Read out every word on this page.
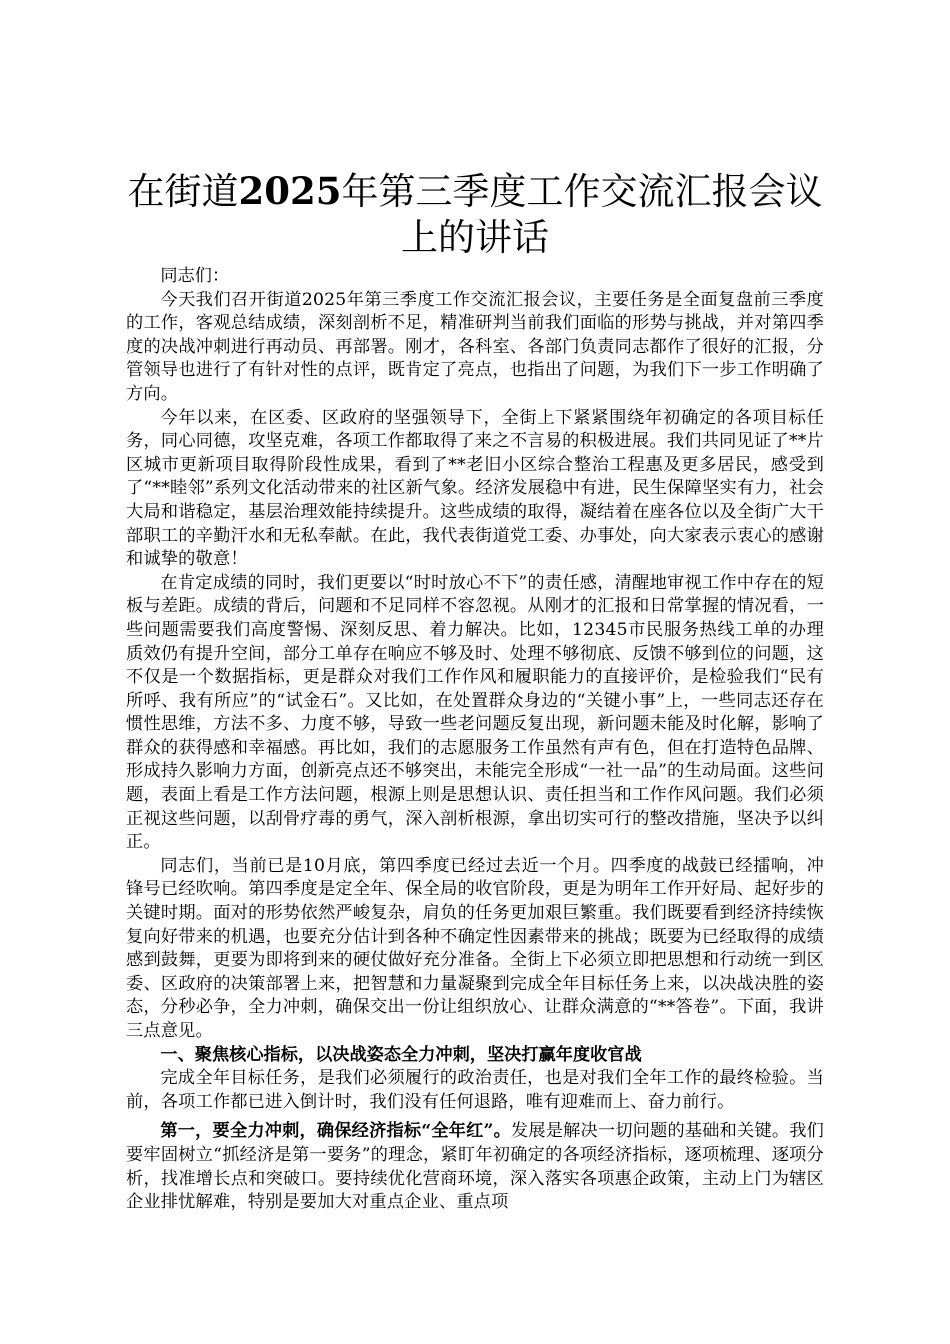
在街道2025年第三季度工作交流汇报会议上的讲话

同志们：

今天我们召开街道2025年第三季度工作交流汇报会议，主要任务是全面复盘前三季度的工作，客观总结成绩，深刻剖析不足，精准研判当前我们面临的形势与挑战，并对第四季度的决战冲刺进行再动员、再部署。刚才，各科室、各部门负责同志都作了很好的汇报，分管领导也进行了有针对性的点评，既肯定了亮点，也指出了问题，为我们下一步工作明确了方向。

今年以来，在区委、区政府的坚强领导下，全街上下紧紧围绕年初确定的各项目标任务，同心同德，攻坚克难，各项工作都取得了来之不言易的积极进展。我们共同见证了**片区城市更新项目取得阶段性成果，看到了**老旧小区综合整治工程惠及更多居民，感受到了“**睦邻”系列文化活动带来的社区新气象。经济发展稳中有进，民生保障坚实有力，社会大局和谐稳定，基层治理效能持续提升。这些成绩的取得，凝结着在座各位以及全街广大干部职工的辛勤汗水和无私奉献。在此，我代表街道党工委、办事处，向大家表示衷心的感谢和诚挚的敬意！

在肯定成绩的同时，我们更要以“时时放心不下”的责任感，清醒地审视工作中存在的短板与差距。成绩的背后，问题和不足同样不容忽视。从刚才的汇报和日常掌握的情况看，一些问题需要我们高度警惕、深刻反思、着力解决。比如，12345市民服务热线工单的办理质效仍有提升空间，部分工单存在响应不够及时、处理不够彻底、反馈不够到位的问题，这不仅是一个数据指标，更是群众对我们工作作风和履职能力的直接评价，是检验我们“民有所呼、我有所应”的“试金石”。又比如，在处置群众身边的“关键小事”上，一些同志还存在惯性思维，方法不多、力度不够，导致一些老问题反复出现，新问题未能及时化解，影响了群众的获得感和幸福感。再比如，我们的志愿服务工作虽然有声有色，但在打造特色品牌、形成持久影响力方面，创新亮点还不够突出，未能完全形成“一社一品”的生动局面。这些问题，表面上看是工作方法问题，根源上则是思想认识、责任担当和工作作风问题。我们必须正视这些问题，以刮骨疗毒的勇气，深入剖析根源，拿出切实可行的整改措施，坚决予以纠正。

同志们，当前已是10月底，第四季度已经过去近一个月。四季度的战鼓已经擂响，冲锋号已经吹响。第四季度是定全年、保全局的收官阶段，更是为明年工作开好局、起好步的关键时期。面对的形势依然严峻复杂，肩负的任务更加艰巨繁重。我们既要看到经济持续恢复向好带来的机遇，也要充分估计到各种不确定性因素带来的挑战；既要为已经取得的成绩感到鼓舞，更要为即将到来的硬仗做好充分准备。全街上下必须立即把思想和行动统一到区委、区政府的决策部署上来，把智慧和力量凝聚到完成全年目标任务上来，以决战决胜的姿态，分秒必争，全力冲刺，确保交出一份让组织放心、让群众满意的“**答卷”。下面，我讲三点意见。

一、聚焦核心指标，以决战姿态全力冲刺，坚决打赢年度收官战

完成全年目标任务，是我们必须履行的政治责任，也是对我们全年工作的最终检验。当前，各项工作都已进入倒计时，我们没有任何退路，唯有迎难而上、奋力前行。

第一，要全力冲刺，确保经济指标“全年红”。发展是解决一切问题的基础和关键。我们要牢固树立“抓经济是第一要务”的理念，紧盯年初确定的各项经济指标，逐项梳理、逐项分析，找准增长点和突破口。要持续优化营商环境，深入落实各项惠企政策，主动上门为辖区企业排忧解难，特别是要加大对重点企业、重点项
